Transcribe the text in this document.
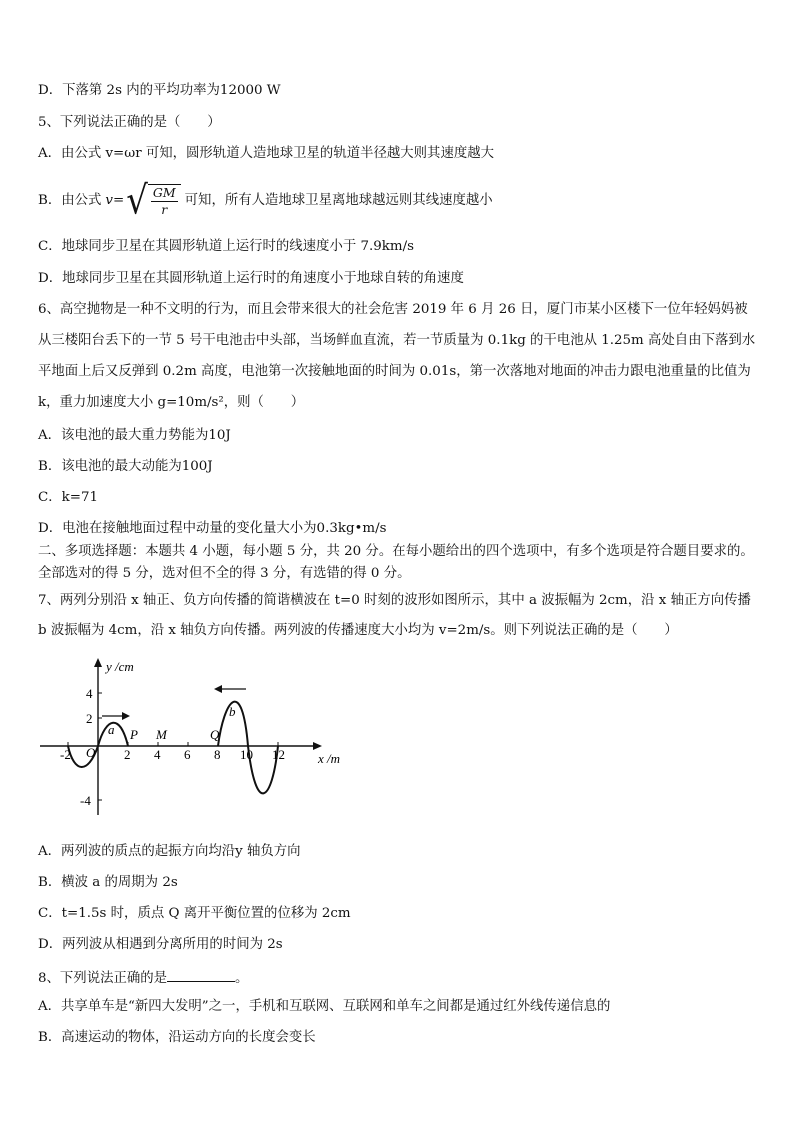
D．下落第 2s 内的平均功率为12000 W
5、下列说法正确的是（　　）
A．由公式 v=ωr 可知，圆形轨道人造地球卫星的轨道半径越大则其速度越大
B．由公式 v= √ $\frac{GM}{r}$ 可知，所有人造地球卫星离地球越远则其线速度越小
C．地球同步卫星在其圆形轨道上运行时的线速度小于 7.9km/s
D．地球同步卫星在其圆形轨道上运行时的角速度小于地球自转的角速度
6、高空抛物是一种不文明的行为，而且会带来很大的社会危害 2019 年 6 月 26 日，厦门市某小区楼下一位年轻妈妈被从三楼阳台丢下的一节 5 号干电池击中头部，当场鲜血直流，若一节质量为 0.1kg 的干电池从 1.25m 高处自由下落到水平地面上后又反弹到 0.2m 高度，电池第一次接触地面的时间为 0.01s，第一次落地对地面的冲击力跟电池重量的比值为 k，重力加速度大小 g=10m/s²，则（　　）
A．该电池的最大重力势能为10J
B．该电池的最大动能为100J
C．k=71
D．电池在接触地面过程中动量的变化量大小为0.3kg•m/s
二、多项选择题：本题共 4 小题，每小题 5 分，共 20 分。在每小题给出的四个选项中，有多个选项是符合题目要求的。全部选对的得 5 分，选对但不全的得 3 分，有选错的得 0 分。
7、两列分别沿 x 轴正、负方向传播的简谐横波在 t=0 时刻的波形如图所示，其中 a 波振幅为 2cm，沿 x 轴正方向传播b 波振幅为 4cm，沿 x 轴负方向传播。两列波的传播速度大小均为 v=2m/s。则下列说法正确的是（　　）
y /cm
x /m
O
4
2
-4
-2	2 4 6 8 10 12
P M	Q
a
b
A．两列波的质点的起振方向均沿y 轴负方向
B．横波 a 的周期为 2s
C．t=1.5s 时，质点 Q 离开平衡位置的位移为 2cm
D．两列波从相遇到分离所用的时间为 2s
8、下列说法正确的是	。
A．共享单车是“新四大发明”之一，手机和互联网、互联网和单车之间都是通过红外线传递信息的
B．高速运动的物体，沿运动方向的长度会变长
